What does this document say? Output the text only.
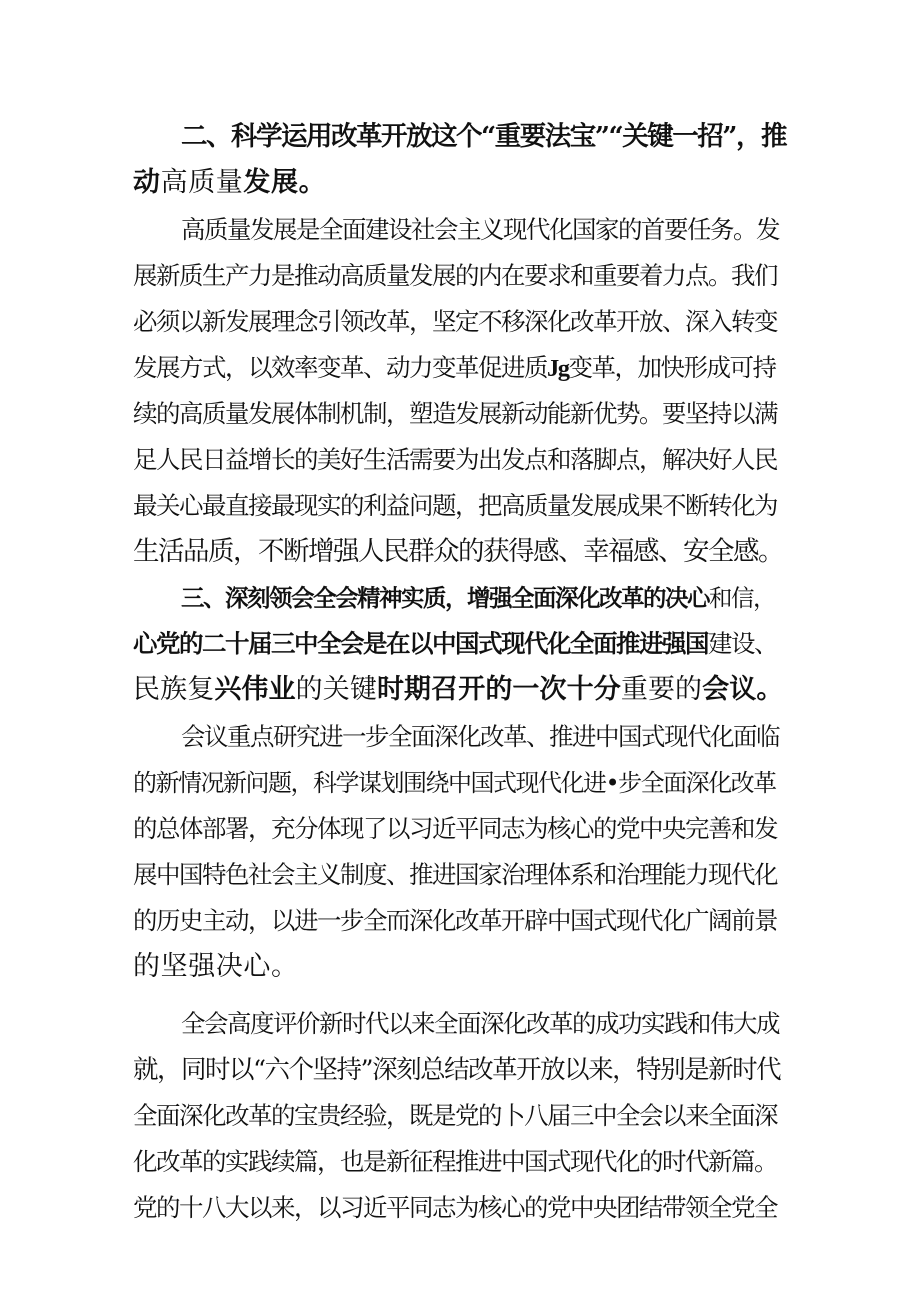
二、科学运用改革开放这个“重要法宝”“关键一招”，推
动高质量发展。
高质量发展是全面建设社会主义现代化国家的首要任务。发
展新质生产力是推动高质量发展的内在要求和重要着力点。我们
必须以新发展理念引领改革，坚定不移深化改革开放、深入转变
发展方式，以效率变革、动力变革促进质Jg变革，加快形成可持
续的高质量发展体制机制，塑造发展新动能新优势。要坚持以满
足人民日益增长的美好生活需要为出发点和落脚点，解决好人民
最关心最直接最现实的利益问题，把高质量发展成果不断转化为
生活品质，不断增强人民群众的获得感、幸福感、安全感。
三、深刻领会全会精神实质，增强全面深化改革的决心和信，
心党的二十届三中全会是在以中国式现代化全面推进强国建设、
民族复兴伟业的关键时期召开的一次十分重要的会议。
会议重点研究进一步全面深化改革、推进中国式现代化面临
的新情况新问题，科学谋划围绕中国式现代化进•步全面深化改革
的总体部署，充分体现了以习近平同志为核心的党中央完善和发
展中国特色社会主义制度、推进国家治理体系和治理能力现代化
的历史主动，以进一步全而深化改革开辟中国式现代化广阔前景
的坚强决心。
全会高度评价新时代以来全面深化改革的成功实践和伟大成
就，同时以“六个坚持”深刻总结改革开放以来，特别是新时代
全面深化改革的宝贵经验，既是党的卜八届三中全会以来全面深
化改革的实践续篇，也是新征程推进中国式现代化的时代新篇。
党的十八大以来，以习近平同志为核心的党中央团结带领全党全
